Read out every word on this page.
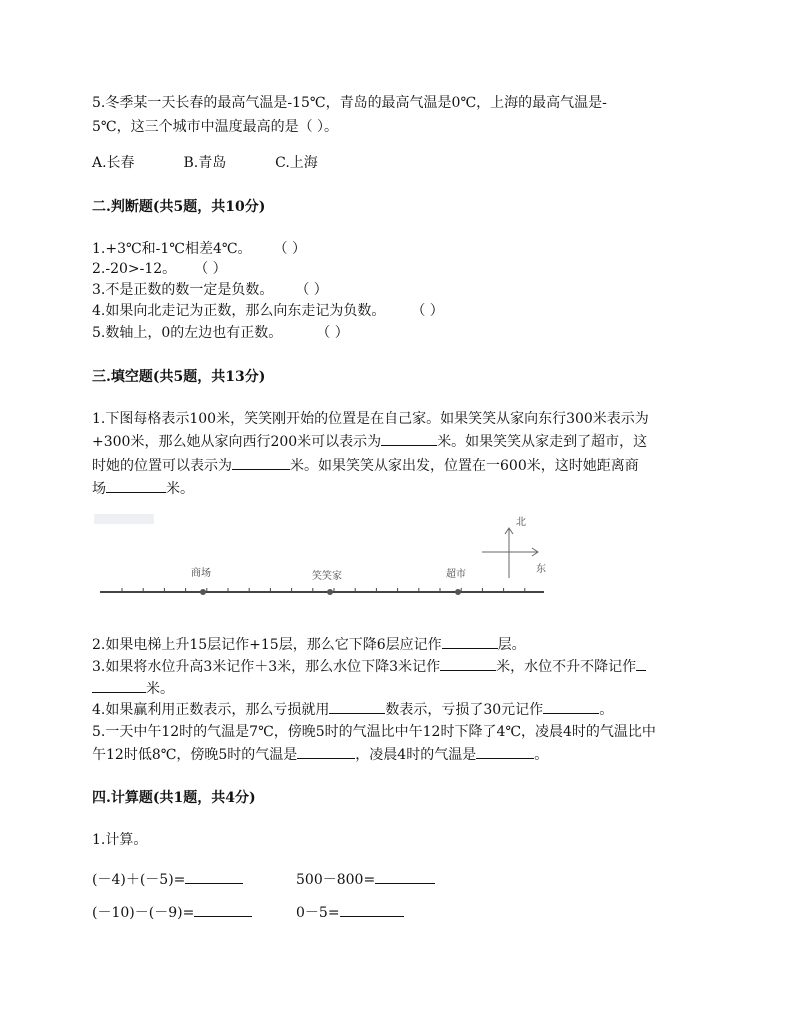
5.冬季某一天长春的最高气温是-15℃，青岛的最高气温是0℃，上海的最高气温是-
5℃，这三个城市中温度最高的是（ ）。
A.长春	B.青岛	C.上海
二.判断题(共5题，共10分)
1.+3℃和-1℃相差4℃。 （ ）
2.-20>-12。 （ ）
3.不是正数的数一定是负数。 （ ）
4.如果向北走记为正数，那么向东走记为负数。 （ ）
5.数轴上，0的左边也有正数。 （ ）
三.填空题(共5题，共13分)
1.下图每格表示100米，笑笑刚开始的位置是在自己家。如果笑笑从家向东行300米表示为
+300米，那么她从家向西行200米可以表示为	米。如果笑笑从家走到了超市，这
时她的位置可以表示为	米。如果笑笑从家出发，位置在一600米，这时她距离商
场	米。
北
东
商场	笑笑家	超市
2.如果电梯上升15层记作+15层，那么它下降6层应记作	层。
3.如果将水位升高3米记作＋3米，那么水位下降3米记作	米，水位不升不降记作
米。
4.如果赢利用正数表示，那么亏损就用	数表示，亏损了30元记作	。
5.一天中午12时的气温是7℃，傍晚5时的气温比中午12时下降了4℃，凌晨4时的气温比中
午12时低8℃，傍晚5时的气温是	，凌晨4时的气温是	。
四.计算题(共1题，共4分)
1.计算。
(－4)＋(－5)=	500－800=
(－10)－(－9)=	0－5=
